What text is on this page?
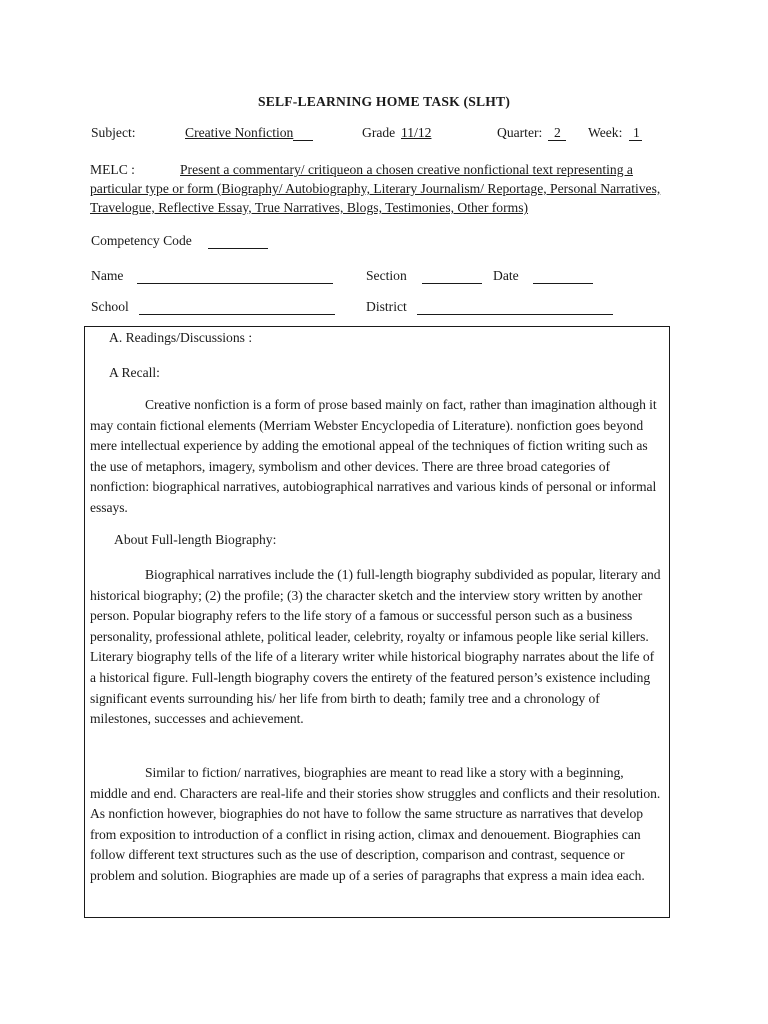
SELF-LEARNING HOME TASK (SLHT)
Subject:	Creative Nonfiction	Grade 11/12	Quarter: 2 Week: 1
MELC :	Present a commentary/ critiqueon a chosen creative nonfictional text representing a particular type or form (Biography/ Autobiography, Literary Journalism/ Reportage, Personal Narratives, Travelogue, Reflective Essay, True Narratives, Blogs, Testimonies, Other forms)
Competency Code
Name	Section	Date
School	District
A. Readings/Discussions :
A Recall:
Creative nonfiction is a form of prose based mainly on fact, rather than imagination although it may contain fictional elements (Merriam Webster Encyclopedia of Literature). nonfiction goes beyond mere intellectual experience by adding the emotional appeal of the techniques of fiction writing such as the use of metaphors, imagery, symbolism and other devices. There are three broad categories of nonfiction: biographical narratives, autobiographical narratives and various kinds of personal or informal essays.
About Full-length Biography:
Biographical narratives include the (1) full-length biography subdivided as popular, literary and historical biography; (2) the profile; (3) the character sketch and the interview story written by another person. Popular biography refers to the life story of a famous or successful person such as a business personality, professional athlete, political leader, celebrity, royalty or infamous people like serial killers. Literary biography tells of the life of a literary writer while historical biography narrates about the life of a historical figure. Full-length biography covers the entirety of the featured person’s existence including significant events surrounding his/ her life from birth to death; family tree and a chronology of milestones, successes and achievement.
Similar to fiction/ narratives, biographies are meant to read like a story with a beginning, middle and end. Characters are real-life and their stories show struggles and conflicts and their resolution. As nonfiction however, biographies do not have to follow the same structure as narratives that develop from exposition to introduction of a conflict in rising action, climax and denouement. Biographies can follow different text structures such as the use of description, comparison and contrast, sequence or problem and solution. Biographies are made up of a series of paragraphs that express a main idea each.
